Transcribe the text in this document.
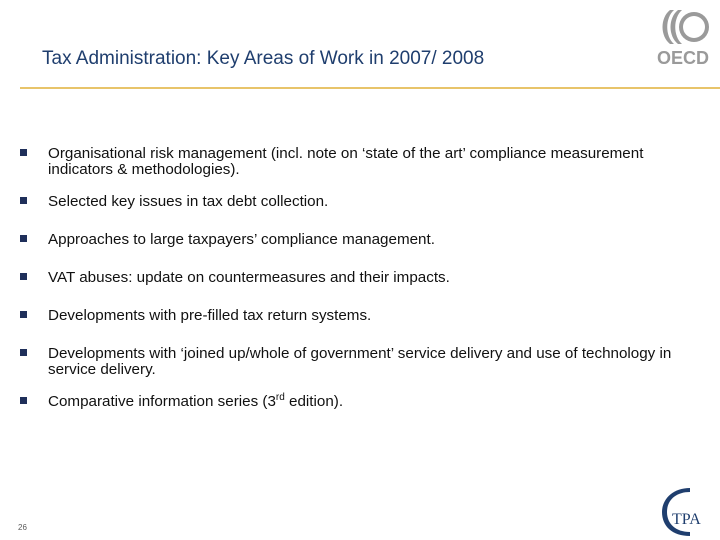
Tax Administration: Key Areas of Work in 2007/ 2008	OECD
Organisational risk management (incl. note on ‘state of the art’ compliance measurement indicators & methodologies).
Selected key issues in tax debt collection.
Approaches to large taxpayers’ compliance management.
VAT abuses: update on countermeasures and their impacts.
Developments with pre-filled tax return systems.
Developments with ‘joined up/whole of government’ service delivery and use of technology in service delivery.
Comparative information series (3rd edition).
26	TPA
